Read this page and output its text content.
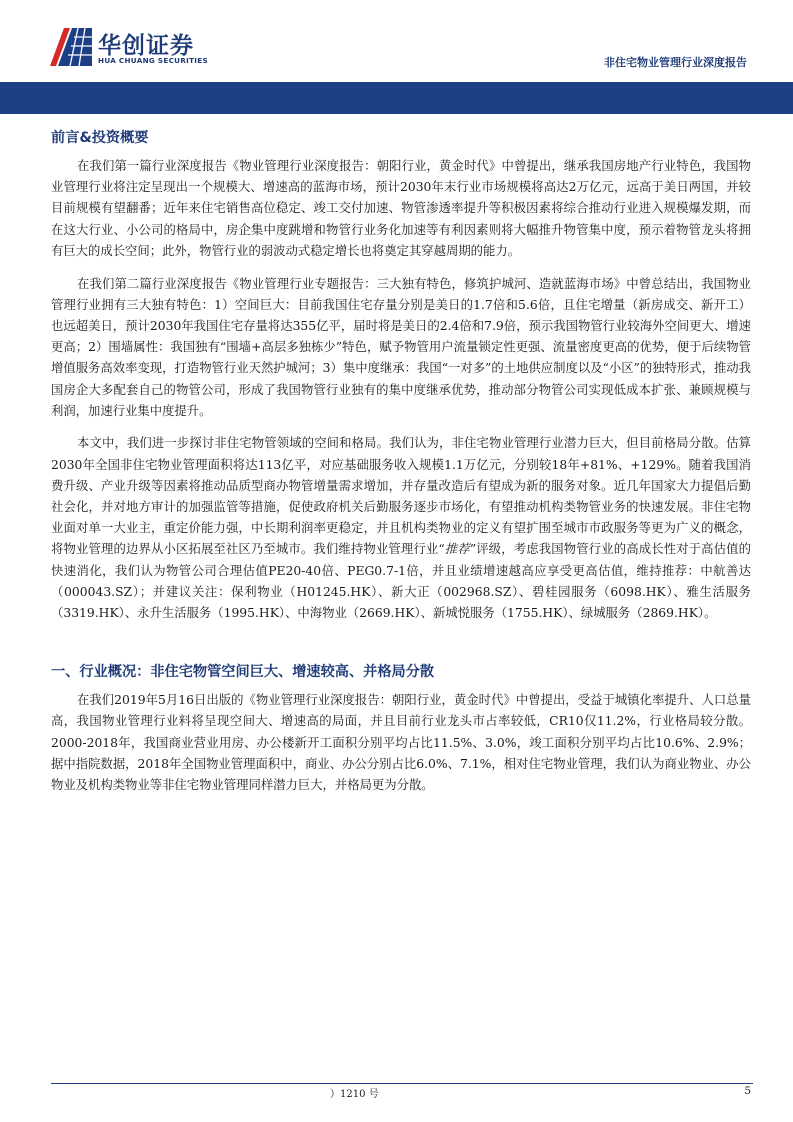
华创证券
HUA CHUANG SECURITIES	非住宅物业管理行业深度报告
前言&投资概要

在我们第一篇行业深度报告《物业管理行业深度报告：朝阳行业，黄金时代》中曾提出，继承我国房地产行业特色，我国物业管理行业将注定呈现出一个规模大、增速高的蓝海市场，预计2030年末行业市场规模将高达2万亿元，远高于美日两国，并较目前规模有望翻番；近年来住宅销售高位稳定、竣工交付加速、物管渗透率提升等积极因素将综合推动行业进入规模爆发期，而在这大行业、小公司的格局中，房企集中度跳增和物管行业务化加速等有利因素则将大幅推升物管集中度，预示着物管龙头将拥有巨大的成长空间；此外，物管行业的弱波动式稳定增长也将奠定其穿越周期的能力。

在我们第二篇行业深度报告《物业管理行业专题报告：三大独有特色，修筑护城河、造就蓝海市场》中曾总结出，我国物业管理行业拥有三大独有特色：1）空间巨大：目前我国住宅存量分别是美日的1.7倍和5.6倍，且住宅增量（新房成交、新开工）也远超美日，预计2030年我国住宅存量将达355亿平，届时将是美日的2.4倍和7.9倍，预示我国物管行业较海外空间更大、增速更高；2）围墙属性：我国独有“围墙+高层多独栋少”特色，赋予物管用户流量锁定性更强、流量密度更高的优势，便于后续物管增值服务高效率变现，打造物管行业天然护城河；3）集中度继承：我国“一对多”的土地供应制度以及“小区”的独特形式，推动我国房企大多配套自己的物管公司，形成了我国物管行业独有的集中度继承优势，推动部分物管公司实现低成本扩张、兼顾规模与利润，加速行业集中度提升。

本文中，我们进一步探讨非住宅物管领域的空间和格局。我们认为，非住宅物业管理行业潜力巨大，但目前格局分散。估算2030年全国非住宅物业管理面积将达113亿平，对应基础服务收入规模1.1万亿元，分别较18年+81%、+129%。随着我国消费升级、产业升级等因素将推动品质型商办物管增量需求增加，并存量改造后有望成为新的服务对象。近几年国家大力提倡后勤社会化，并对地方审计的加强监管等措施，促使政府机关后勤服务逐步市场化，有望推动机构类物管业务的快速发展。非住宅物业面对单一大业主，重定价能力强，中长期利润率更稳定，并且机构类物业的定义有望扩围至城市市政服务等更为广义的概念，将物业管理的边界从小区拓展至社区乃至城市。我们维持物业管理行业“推荐”评级，考虑我国物管行业的高成长性对于高估值的快速消化，我们认为物管公司合理估值PE20-40倍、PEG0.7-1倍，并且业绩增速越高应享受更高估值，维持推荐：中航善达（000043.SZ）；并建议关注：保利物业（H01245.HK）、新大正（002968.SZ）、碧桂园服务（6098.HK）、雅生活服务（3319.HK）、永升生活服务（1995.HK）、中海物业（2669.HK）、新城悦服务（1755.HK）、绿城服务（2869.HK）。

一、行业概况：非住宅物管空间巨大、增速较高、并格局分散

在我们2019年5月16日出版的《物业管理行业深度报告：朝阳行业，黄金时代》中曾提出，受益于城镇化率提升、人口总量高，我国物业管理行业料将呈现空间大、增速高的局面，并且目前行业龙头市占率较低，CR10仅11.2%，行业格局较分散。2000-2018年，我国商业营业用房、办公楼新开工面积分别平均占比11.5%、3.0%，竣工面积分别平均占比10.6%、2.9%；据中指院数据，2018年全国物业管理面积中，商业、办公分别占比6.0%、7.1%，相对住宅物业管理，我们认为商业物业、办公物业及机构类物业等非住宅物业管理同样潜力巨大，并格局更为分散。

）1210 号	5
